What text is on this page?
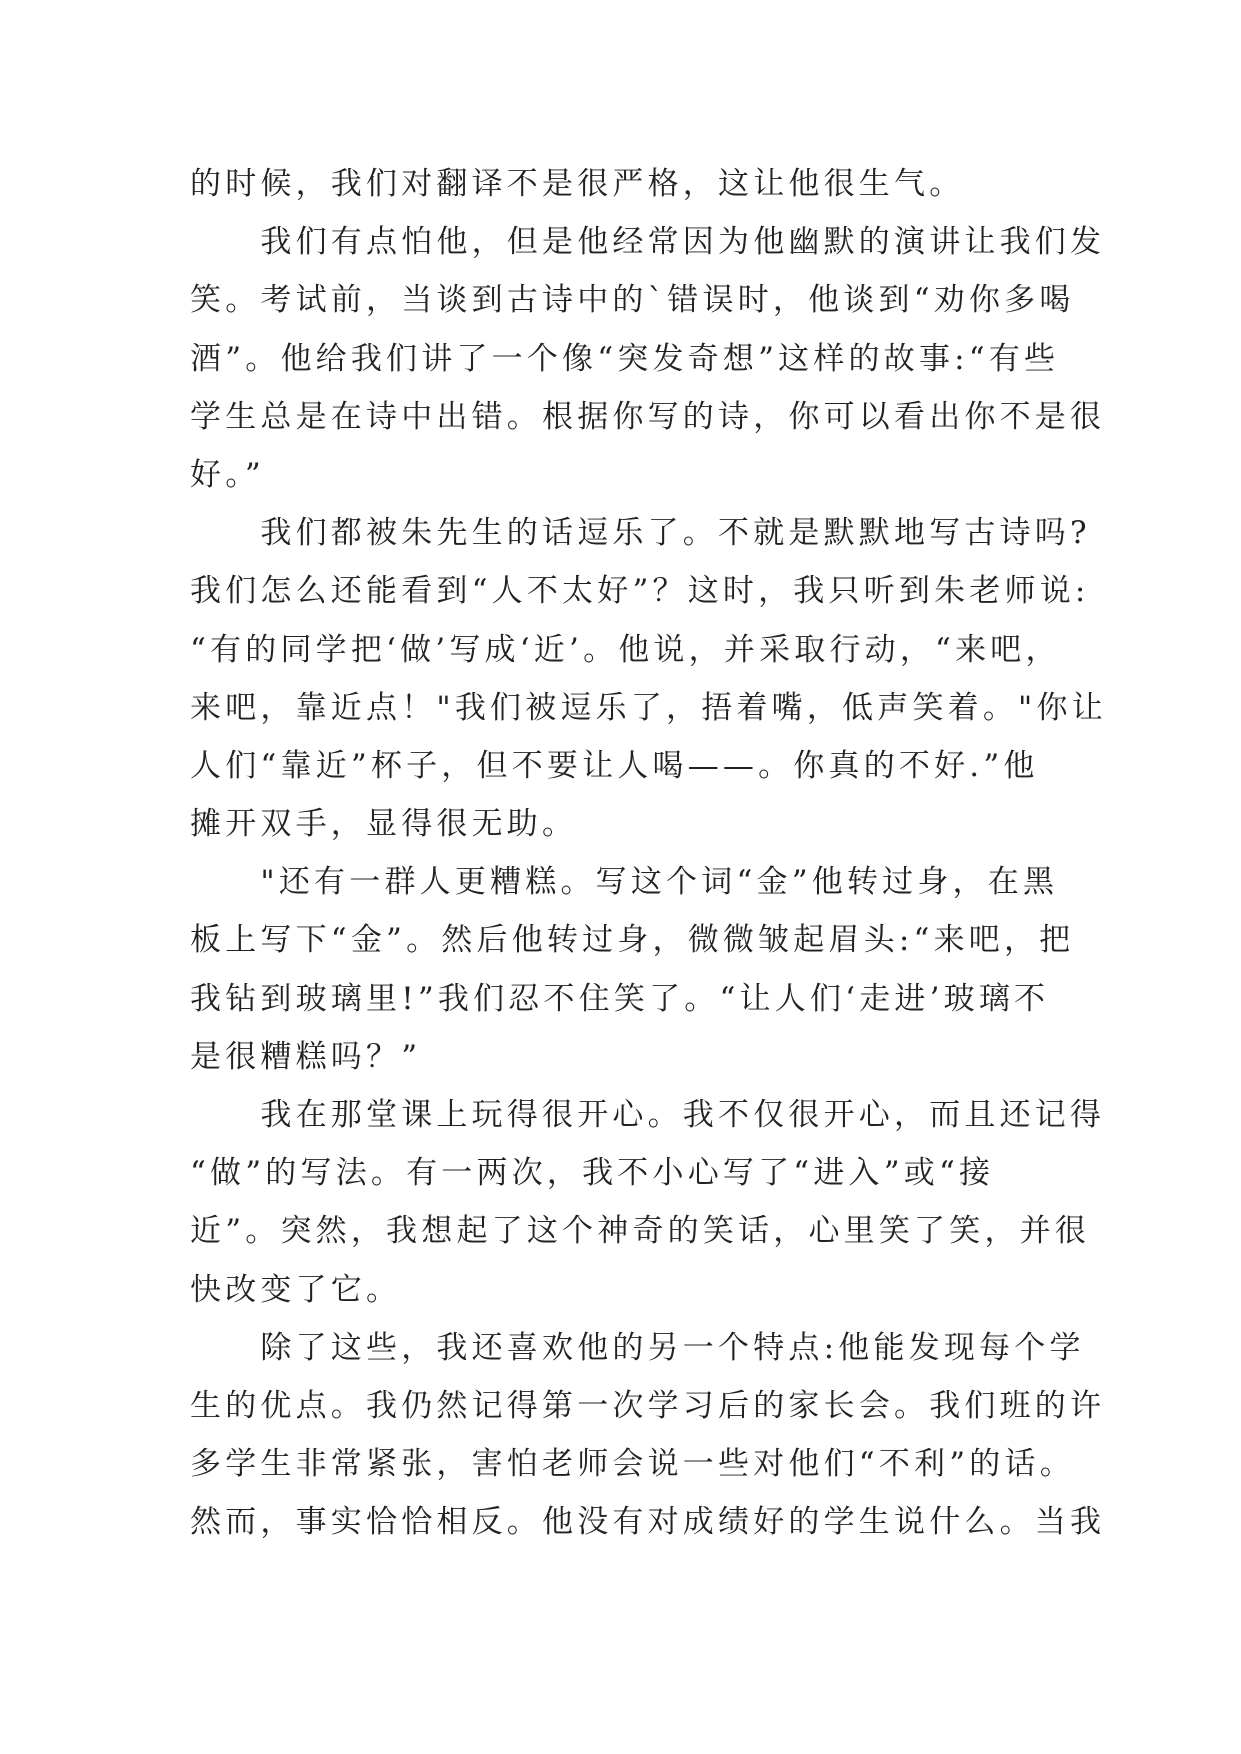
的时候，我们对翻译不是很严格，这让他很生气。
　　我们有点怕他，但是他经常因为他幽默的演讲让我们发
笑。考试前，当谈到古诗中的`错误时，他谈到“劝你多喝
酒”。他给我们讲了一个像“突发奇想”这样的故事:“有些
学生总是在诗中出错。根据你写的诗，你可以看出你不是很
好。”
　　我们都被朱先生的话逗乐了。不就是默默地写古诗吗?
我们怎么还能看到“人不太好”？这时，我只听到朱老师说:
“有的同学把‘做’写成‘近’。他说，并采取行动，“来吧，
来吧，靠近点！"我们被逗乐了，捂着嘴，低声笑着。"你让
人们“靠近”杯子，但不要让人喝——。你真的不好.”他
摊开双手，显得很无助。
　　"还有一群人更糟糕。写这个词“金”他转过身，在黑
板上写下“金”。然后他转过身，微微皱起眉头:“来吧，把
我钻到玻璃里!”我们忍不住笑了。“让人们‘走进’玻璃不
是很糟糕吗？”
　　我在那堂课上玩得很开心。我不仅很开心，而且还记得
“做”的写法。有一两次，我不小心写了“进入”或“接
近”。突然，我想起了这个神奇的笑话，心里笑了笑，并很
快改变了它。
　　除了这些，我还喜欢他的另一个特点:他能发现每个学
生的优点。我仍然记得第一次学习后的家长会。我们班的许
多学生非常紧张，害怕老师会说一些对他们“不利”的话。
然而，事实恰恰相反。他没有对成绩好的学生说什么。当我
